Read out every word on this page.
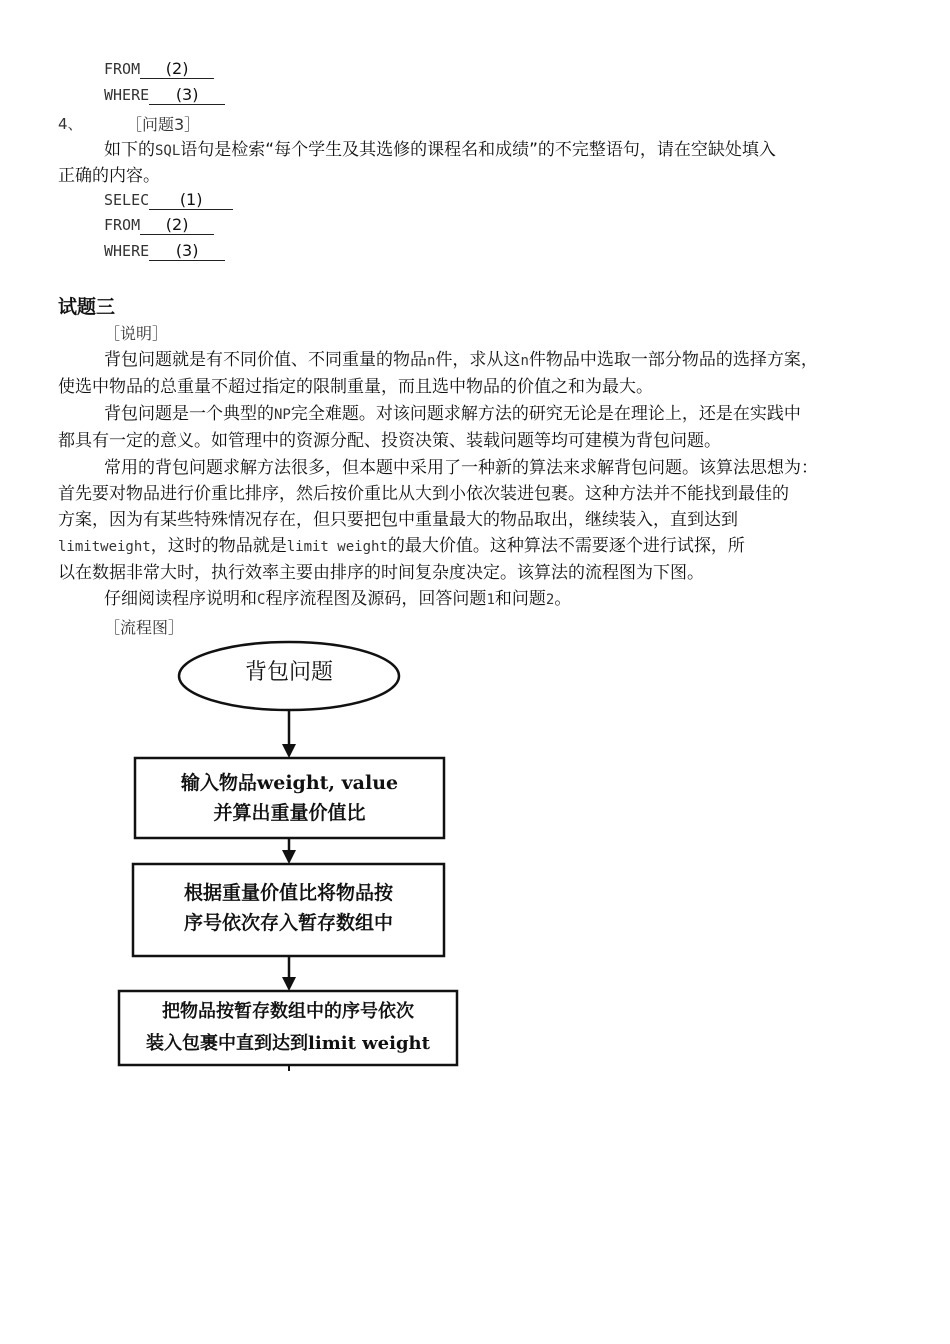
FROM (2)
WHERE (3)
4、	［问题3］
如下的SQL语句是检索“每个学生及其选修的课程名和成绩”的不完整语句，请在空缺处填入
正确的内容。
SELEC (1)
FROM (2)
WHERE (3)
试题三
［说明］
背包问题就是有不同价值、不同重量的物品n件，求从这n件物品中选取一部分物品的选择方案，
使选中物品的总重量不超过指定的限制重量，而且选中物品的价值之和为最大。
背包问题是一个典型的NP完全难题。对该问题求解方法的研究无论是在理论上，还是在实践中
都具有一定的意义。如管理中的资源分配、投资决策、装载问题等均可建模为背包问题。
常用的背包问题求解方法很多，但本题中采用了一种新的算法来求解背包问题。该算法思想为：
首先要对物品进行价重比排序，然后按价重比从大到小依次装进包裹。这种方法并不能找到最佳的
方案，因为有某些特殊情况存在，但只要把包中重量最大的物品取出，继续装入，直到达到
limitweight，这时的物品就是limit weight的最大价值。这种算法不需要逐个进行试探，所
以在数据非常大时，执行效率主要由排序的时间复杂度决定。该算法的流程图为下图。
仔细阅读程序说明和C程序流程图及源码，回答问题1和问题2。
［流程图］
背包问题
输入物品weight, value
并算出重量价值比
根据重量价值比将物品按
序号依次存入暂存数组中
把物品按暂存数组中的序号依次
装入包裹中直到达到limit weight
